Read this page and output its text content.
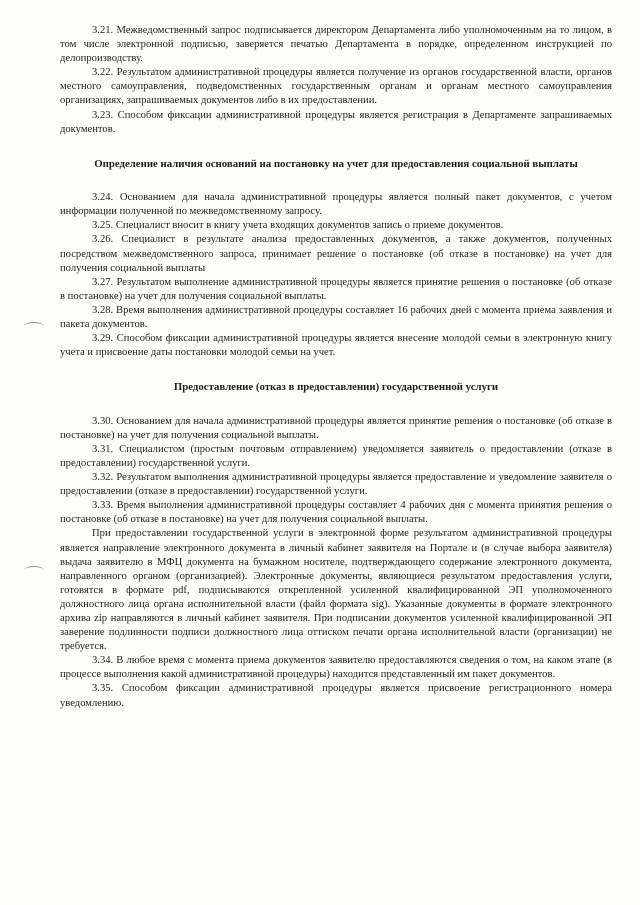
3.21. Межведомственный запрос подписывается директором Департамента либо уполномоченным на то лицом, в том числе электронной подписью, заверяется печатью Департамента в порядке, определенном инструкцией по делопроизводству.

3.22. Результатом административной процедуры является получение из органов государственной власти, органов местного самоуправления, подведомственных государственным органам и органам местного самоуправления организациях, запрашиваемых документов либо в их предоставлении.

3.23. Способом фиксации административной процедуры является регистрация в Департаменте запрашиваемых документов.

Определение наличия оснований на постановку на учет для предоставления социальной выплаты

3.24. Основанием для начала административной процедуры является полный пакет документов, с учетом информации полученной по межведомственному запросу.

3.25. Специалист вносит в книгу учета входящих документов запись о приеме документов.

3.26. Специалист в результате анализа предоставленных документов, а также документов, полученных посредством межведомственного запроса, принимает решение о постановке (об отказе в постановке) на учет для получения социальной выплаты

3.27. Результатом выполнение административной процедуры является принятие решения о постановке (об отказе в постановке) на учет для получения социальной выплаты.

3.28. Время выполнения административной процедуры составляет 16 рабочих дней с момента приема заявления и пакета документов.

3.29. Способом фиксации административной процедуры является внесение молодой семьи в электронную книгу учета и присвоение даты постановки молодой семьи на учет.

Предоставление (отказ в предоставлении) государственной услуги

3.30. Основанием для начала административной процедуры является принятие решения о постановке (об отказе в постановке) на учет для получения социальной выплаты.

3.31. Специалистом (простым почтовым отправлением) уведомляется заявитель о предоставлении (отказе в предоставлении) государственной услуги.

3.32. Результатом выполнения административной процедуры является предоставление и уведомление заявителя о предоставлении (отказе в предоставлении) государственной услуги.

3.33. Время выполнения административной процедуры составляет 4 рабочих дня с момента принятия решения о постановке (об отказе в постановке) на учет для получения социальной выплаты.

При предоставлении государственной услуги в электронной форме результатом административной процедуры является направление электронного документа в личный кабинет заявителя на Портале и (в случае выбора заявителя) выдача заявителю в МФЦ документа на бумажном носителе, подтверждающего содержание электронного документа, направленного органом (организацией). Электронные документы, являющиеся результатом предоставления услуги, готовятся в формате pdf, подписываются открепленной усиленной квалифицированной ЭП уполномоченного должностного лица органа исполнительной власти (файл формата sig). Указанные документы в формате электронного архива zip направляются в личный кабинет заявителя. При подписании документов усиленной квалифицированной ЭП заверение подлинности подписи должностного лица оттиском печати органа исполнительной власти (организации) не требуется.

3.34. В любое время с момента приема документов заявителю предоставляются сведения о том, на каком этапе (в процессе выполнения какой административной процедуры) находится представленный им пакет документов.

3.35. Способом фиксации административной процедуры является присвоение регистрационного номера уведомлению.
